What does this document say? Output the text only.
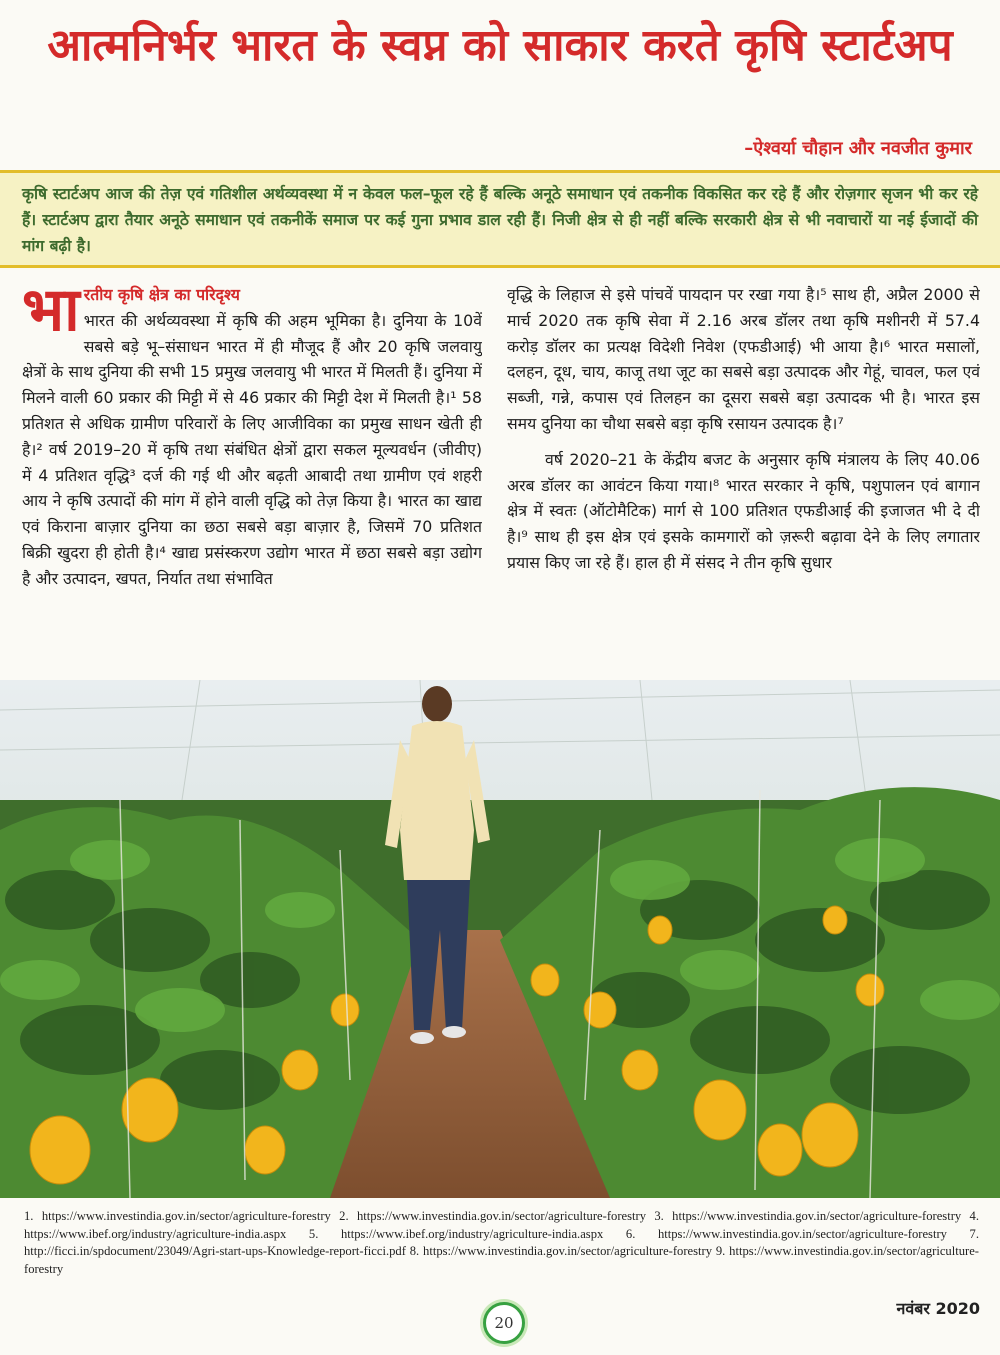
आत्मनिर्भर भारत के स्वप्न को साकार करते कृषि स्टार्टअप
–ऐश्वर्या चौहान और नवजीत कुमार

कृषि स्टार्टअप आज की तेज़ एवं गतिशील अर्थव्यवस्था में न केवल फल–फूल रहे हैं बल्कि अनूठे समाधान एवं तकनीक विकसित कर रहे हैं और रोज़गार सृजन भी कर रहे हैं। स्टार्टअप द्वारा तैयार अनूठे समाधान एवं तकनीकें समाज पर कई गुना प्रभाव डाल रही हैं। निजी क्षेत्र से ही नहीं बल्कि सरकारी क्षेत्र से भी नवाचारों या नई ईजादों की मांग बढ़ी है।

भा रतीय कृषि क्षेत्र का परिदृश्य
भारत की अर्थव्यवस्था में कृषि की अहम भूमिका है। दुनिया के 10वें सबसे बड़े भू–संसाधन भारत में ही मौजूद हैं और 20 कृषि जलवायु क्षेत्रों के साथ दुनिया की सभी 15 प्रमुख जलवायु भी भारत में मिलती हैं। दुनिया में मिलने वाली 60 प्रकार की मिट्टी में से 46 प्रकार की मिट्टी देश में मिलती है।¹ 58 प्रतिशत से अधिक ग्रामीण परिवारों के लिए आजीविका का प्रमुख साधन खेती ही है।² वर्ष 2019–20 में कृषि तथा संबंधित क्षेत्रों द्वारा सकल मूल्यवर्धन (जीवीए) में 4 प्रतिशत वृद्धि³ दर्ज की गई थी और बढ़ती आबादी तथा ग्रामीण एवं शहरी आय ने कृषि उत्पादों की मांग में होने वाली वृद्धि को तेज़ किया है। भारत का खाद्य एवं किराना बाज़ार दुनिया का छठा सबसे बड़ा बाज़ार है, जिसमें 70 प्रतिशत बिक्री खुदरा ही होती है।⁴ खाद्य प्रसंस्करण उद्योग भारत में छठा सबसे बड़ा उद्योग है और उत्पादन, खपत, निर्यात तथा संभावित

वृद्धि के लिहाज से इसे पांचवें पायदान पर रखा गया है।⁵ साथ ही, अप्रैल 2000 से मार्च 2020 तक कृषि सेवा में 2.16 अरब डॉलर तथा कृषि मशीनरी में 57.4 करोड़ डॉलर का प्रत्यक्ष विदेशी निवेश (एफडीआई) भी आया है।⁶ भारत मसालों, दलहन, दूध, चाय, काजू तथा जूट का सबसे बड़ा उत्पादक और गेहूं, चावल, फल एवं सब्जी, गन्ने, कपास एवं तिलहन का दूसरा सबसे बड़ा उत्पादक भी है। भारत इस समय दुनिया का चौथा सबसे बड़ा कृषि रसायन उत्पादक है।⁷

वर्ष 2020–21 के केंद्रीय बजट के अनुसार कृषि मंत्रालय के लिए 40.06 अरब डॉलर का आवंटन किया गया।⁸ भारत सरकार ने कृषि, पशुपालन एवं बागान क्षेत्र में स्वतः (ऑटोमैटिक) मार्ग से 100 प्रतिशत एफडीआई की इजाजत भी दे दी है।⁹ साथ ही इस क्षेत्र एवं इसके कामगारों को ज़रूरी बढ़ावा देने के लिए लगातार प्रयास किए जा रहे हैं। हाल ही में संसद ने तीन कृषि सुधार

1. https://www.investindia.gov.in/sector/agriculture-forestry 2. https://www.investindia.gov.in/sector/agriculture-forestry 3. https://www.investindia.gov.in/sector/agriculture-forestry 4. https://www.ibef.org/industry/agriculture-india.aspx 5. https://www.ibef.org/industry/agriculture-india.aspx 6. https://www.investindia.gov.in/sector/agriculture-forestry 7. http://ficci.in/spdocument/23049/Agri-start-ups-Knowledge-report-ficci.pdf 8. https://www.investindia.gov.in/sector/agriculture-forestry 9. https://www.investindia.gov.in/sector/agriculture-forestry

20
नवंबर 2020
